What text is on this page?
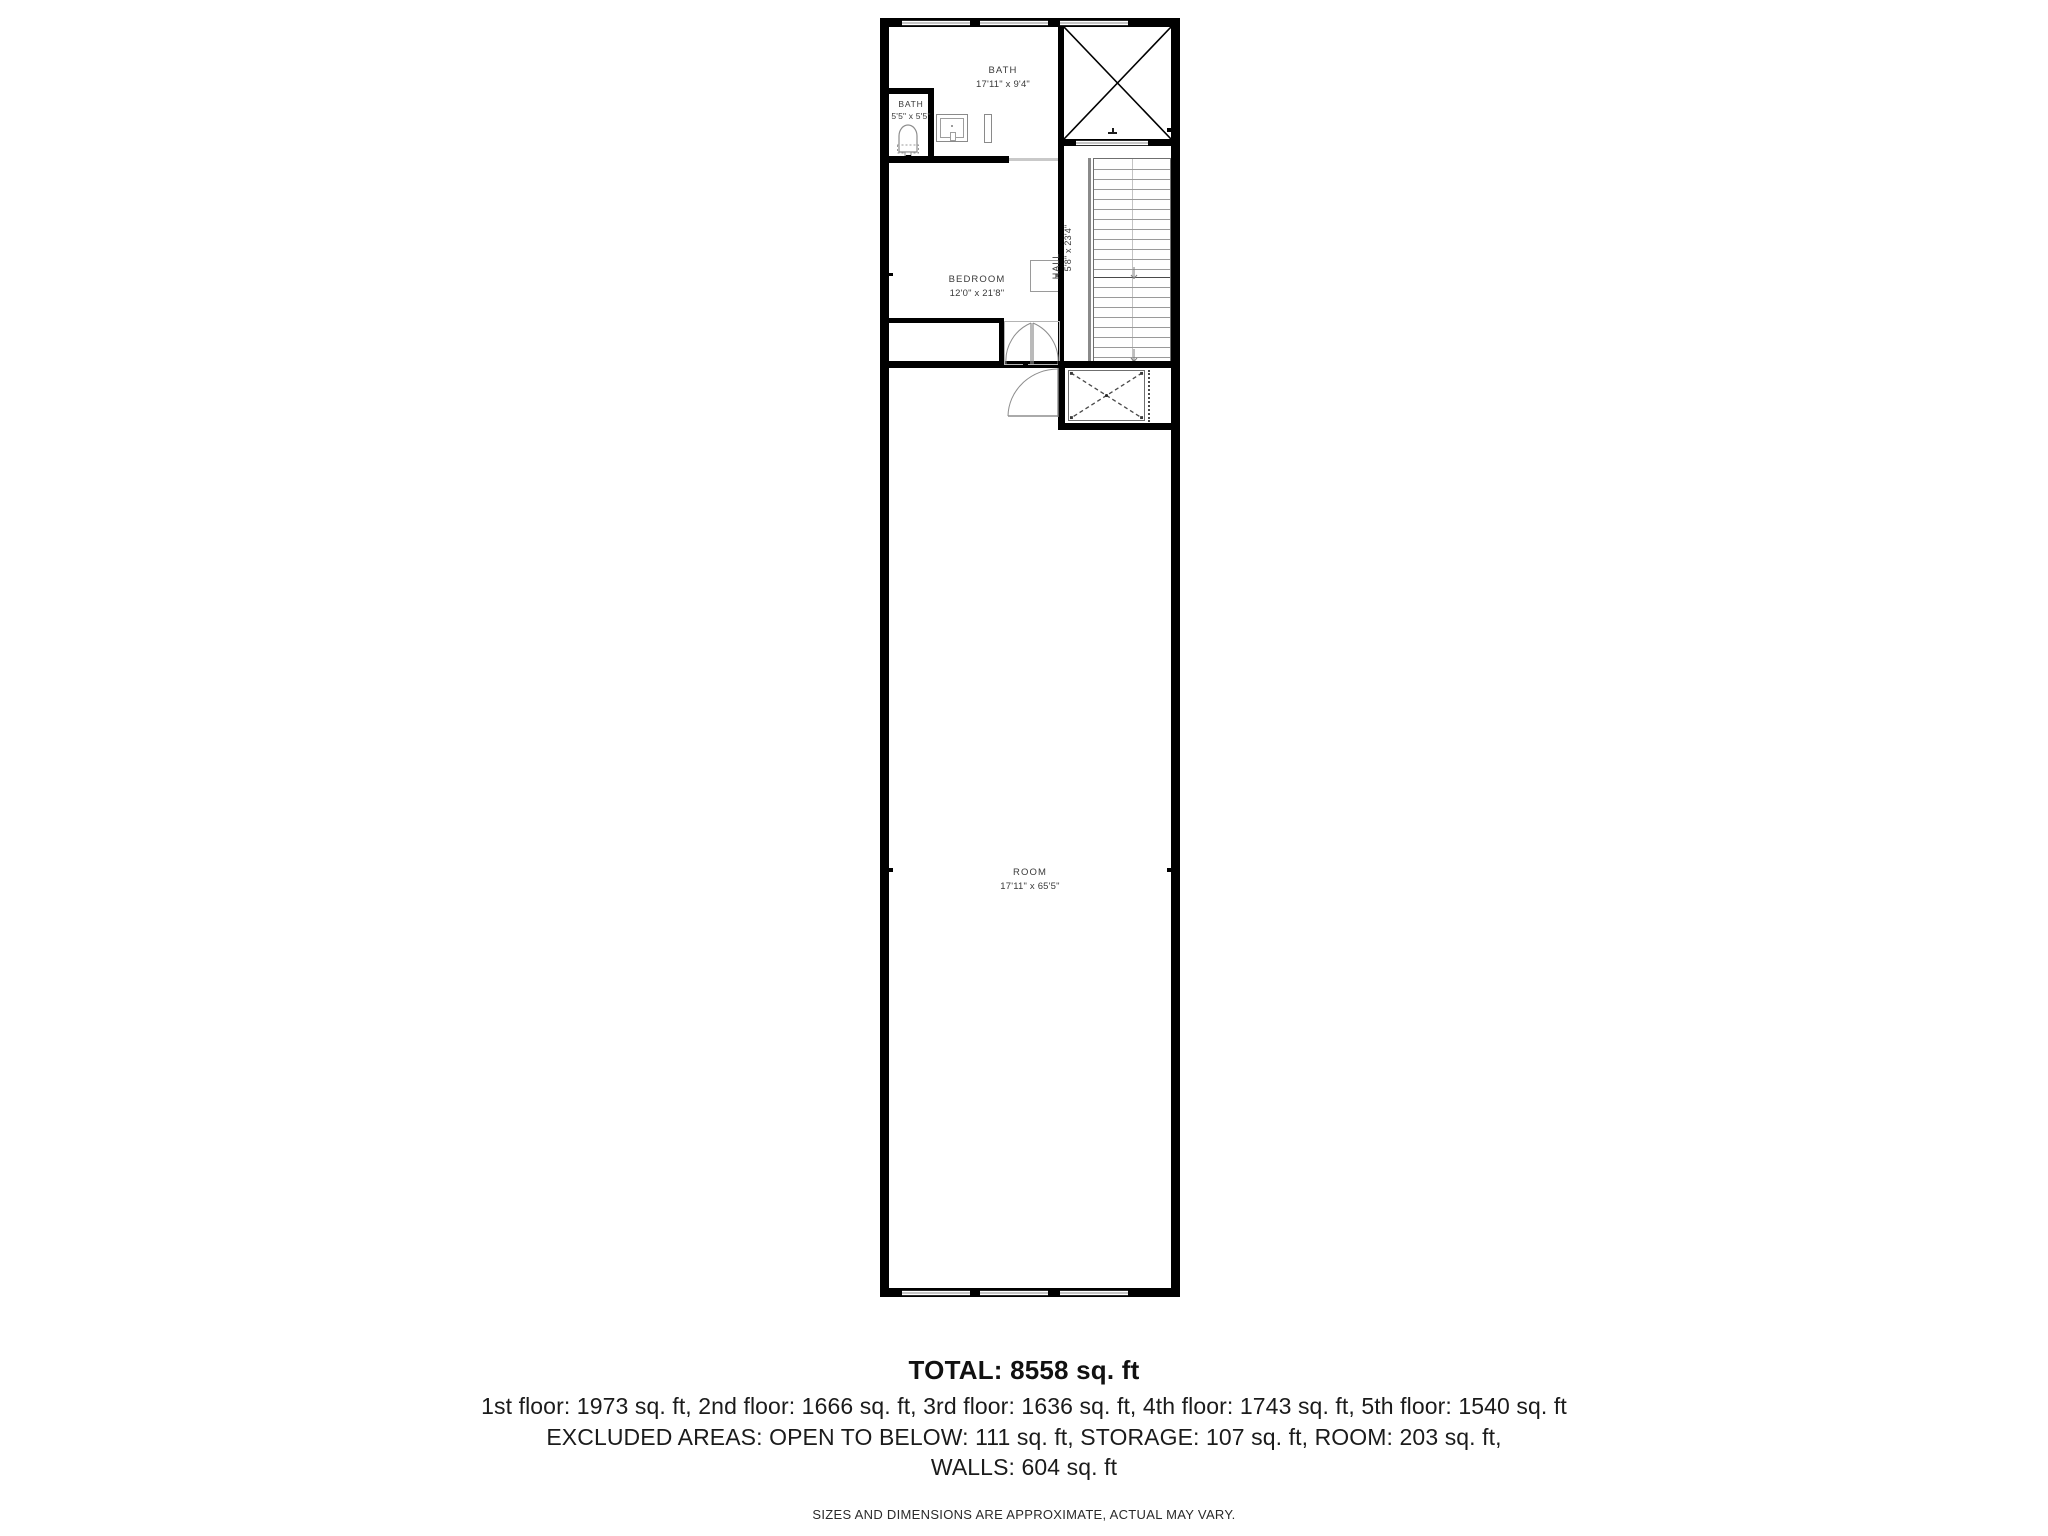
BATH
17'11" x 9'4"
BATH
5'5" x 5'5"
BEDROOM
12'0" x 21'8"
HALL 5'8" x 23'4"
ROOM
17'11" x 65'5"
TOTAL: 8558 sq. ft
1st floor: 1973 sq. ft, 2nd floor: 1666 sq. ft, 3rd floor: 1636 sq. ft, 4th floor: 1743 sq. ft, 5th floor: 1540 sq. ft
EXCLUDED AREAS: OPEN TO BELOW: 111 sq. ft, STORAGE: 107 sq. ft, ROOM: 203 sq. ft,
WALLS: 604 sq. ft
SIZES AND DIMENSIONS ARE APPROXIMATE, ACTUAL MAY VARY.
